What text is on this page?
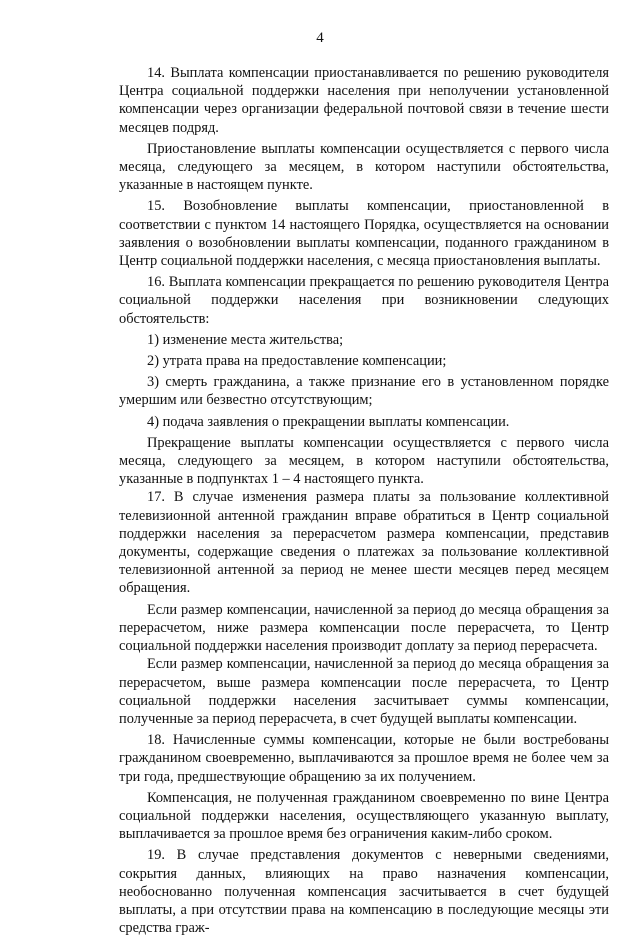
4

14. Выплата компенсации приостанавливается по решению руководителя Центра социальной поддержки населения при неполучении установленной компенсации через организации федеральной почтовой связи в течение шести месяцев подряд.

Приостановление выплаты компенсации осуществляется с первого числа месяца, следующего за месяцем, в котором наступили обстоятельства, указанные в настоящем пункте.

15. Возобновление выплаты компенсации, приостановленной в соответствии с пунктом 14 настоящего Порядка, осуществляется на основании заявления о возобновлении выплаты компенсации, поданного гражданином в Центр социальной поддержки населения, с месяца приостановления выплаты.

16. Выплата компенсации прекращается по решению руководителя Центра социальной поддержки населения при возникновении следующих обстоятельств:

1) изменение места жительства;

2) утрата права на предоставление компенсации;

3) смерть гражданина, а также признание его в установленном порядке умершим или безвестно отсутствующим;

4) подача заявления о прекращении выплаты компенсации.

Прекращение выплаты компенсации осуществляется с первого числа месяца, следующего за месяцем, в котором наступили обстоятельства, указанные в подпунктах 1 – 4 настоящего пункта.

17. В случае изменения размера платы за пользование коллективной телевизионной антенной гражданин вправе обратиться в Центр социальной поддержки населения за перерасчетом размера компенсации, представив документы, содержащие сведения о платежах за пользование коллективной телевизионной антенной за период не менее шести месяцев перед месяцем обращения.

Если размер компенсации, начисленной за период до месяца обращения за перерасчетом, ниже размера компенсации после перерасчета, то Центр социальной поддержки населения производит доплату за период перерасчета.

Если размер компенсации, начисленной за период до месяца обращения за перерасчетом, выше размера компенсации после перерасчета, то Центр социальной поддержки населения засчитывает суммы компенсации, полученные за период перерасчета, в счет будущей выплаты компенсации.

18. Начисленные суммы компенсации, которые не были востребованы гражданином своевременно, выплачиваются за прошлое время не более чем за три года, предшествующие обращению за их получением.

Компенсация, не полученная гражданином своевременно по вине Центра социальной поддержки населения, осуществляющего указанную выплату, выплачивается за прошлое время без ограничения каким-либо сроком.

19. В случае представления документов с неверными сведениями, сокрытия данных, влияющих на право назначения компенсации, необоснованно полученная компенсация засчитывается в счет будущей выплаты, а при отсутствии права на компенсацию в последующие месяцы эти средства граж-
